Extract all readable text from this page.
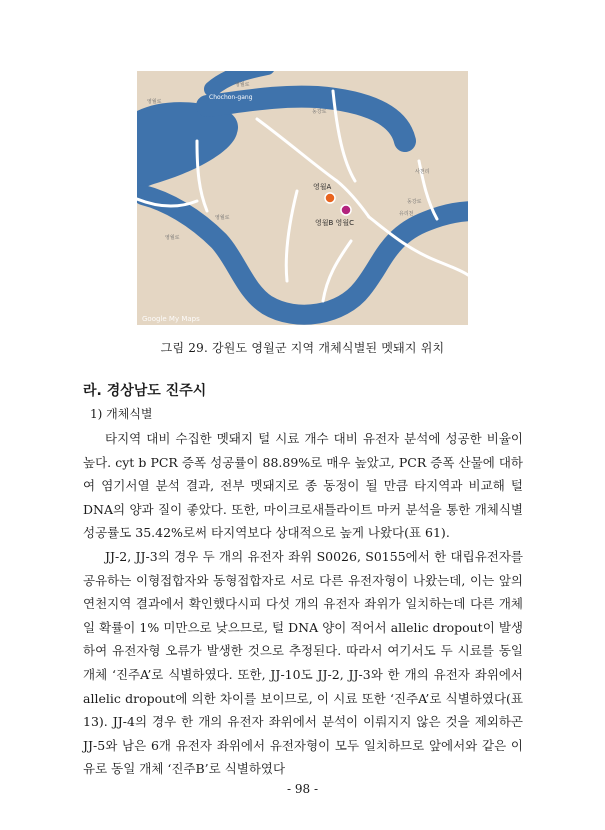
영월로
영월로
동강로
영월로
영월로
동강로
사천리
유리천
Chochon-gang
영월A
영월B 영월C
Google My Maps
그림 29. 강원도 영월군 지역 개체식별된 멧돼지 위치
라. 경상남도 진주시
1) 개체식별

타지역 대비 수집한 멧돼지 털 시료 개수 대비 유전자 분석에 성공한 비율이 높다. cyt b PCR 증폭 성공률이 88.89%로 매우 높았고, PCR 증폭 산물에 대하여 염기서열 분석 결과, 전부 멧돼지로 종 동정이 될 만큼 타지역과 비교해 털 DNA의 양과 질이 좋았다. 또한, 마이크로새틀라이트 마커 분석을 통한 개체식별 성공률도 35.42%로써 타지역보다 상대적으로 높게 나왔다(표 61).

JJ-2, JJ-3의 경우 두 개의 유전자 좌위 S0026, S0155에서 한 대립유전자를 공유하는 이형접합자와 동형접합자로 서로 다른 유전자형이 나왔는데, 이는 앞의 연천지역 결과에서 확인했다시피 다섯 개의 유전자 좌위가 일치하는데 다른 개체일 확률이 1% 미만으로 낮으므로, 털 DNA 양이 적어서 allelic dropout이 발생하여 유전자형 오류가 발생한 것으로 추정된다. 따라서 여기서도 두 시료를 동일 개체 ‘진주A’로 식별하였다. 또한, JJ-10도 JJ-2, JJ-3와 한 개의 유전자 좌위에서 allelic dropout에 의한 차이를 보이므로, 이 시료 또한 ‘진주A’로 식별하였다(표 13). JJ-4의 경우 한 개의 유전자 좌위에서 분석이 이뤄지지 않은 것을 제외하곤 JJ-5와 남은 6개 유전자 좌위에서 유전자형이 모두 일치하므로 앞에서와 같은 이유로 동일 개체 ‘진주B’로 식별하였다

- 98 -
